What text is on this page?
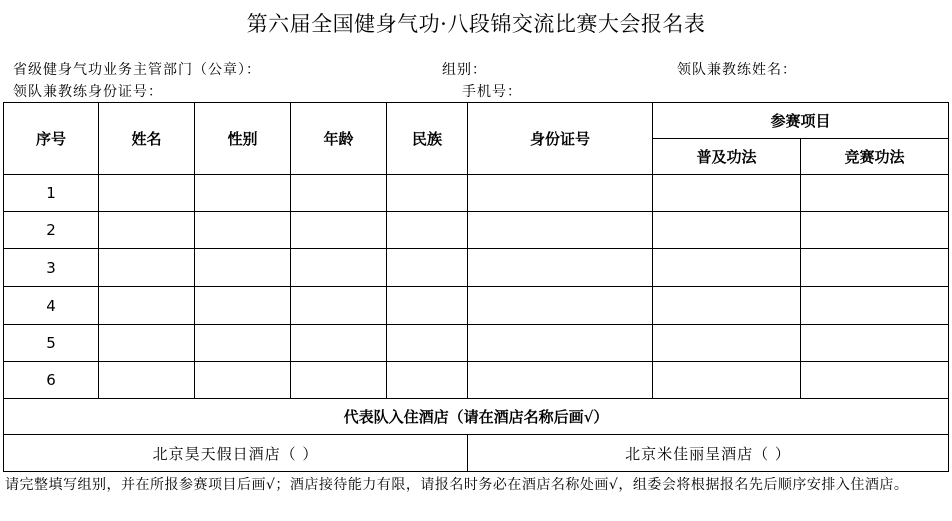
第六届全国健身气功·八段锦交流比赛大会报名表
省级健身气功业务主管部门（公章）：	组别：	领队兼教练姓名：
领队兼教练身份证号：	手机号：
序号	姓名	性别	年龄	民族	身份证号	参赛项目	
						普及功法	竞赛功法
1							
2							
3							
4							
5							
6							
代表队入住酒店（请在酒店名称后画√）							
北京昊天假日酒店（ ）					北京米佳丽呈酒店（ ）		
请完整填写组别，并在所报参赛项目后画√；酒店接待能力有限，请报名时务必在酒店名称处画√，组委会将根据报名先后顺序安排入住酒店。
